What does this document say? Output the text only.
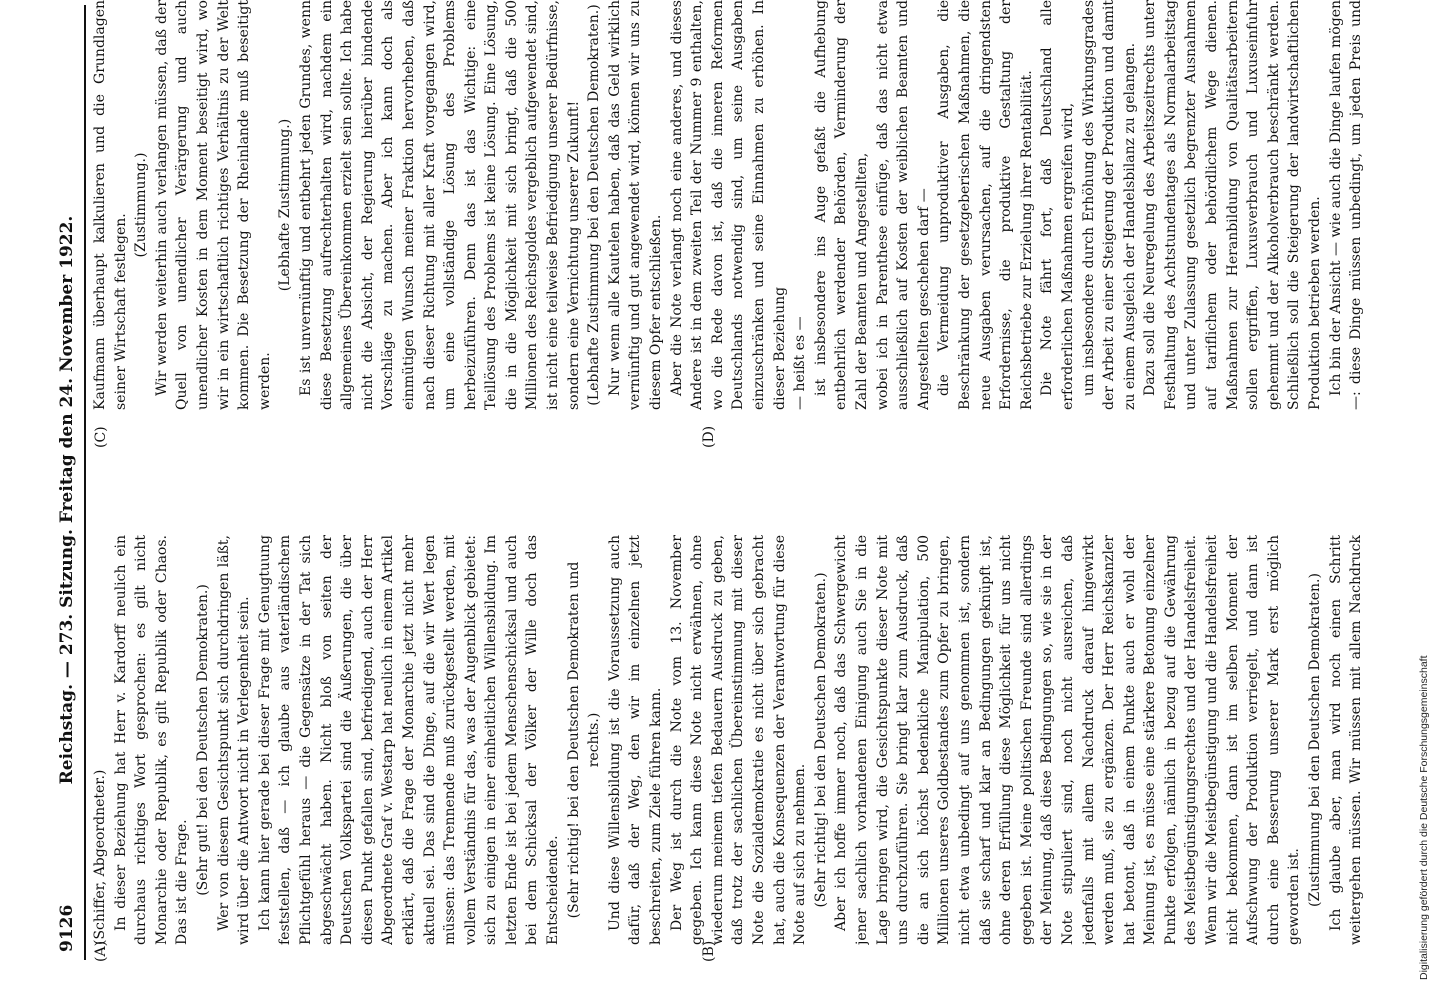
9126
Reichstag. — 273. Sitzung. Freitag den 24. November 1922.
(A)	(B)
(C)	(D)

(Schiffer, Abgeordneter.) In dieser Beziehung hat Herr v. Kardorff neulich ein durchaus richtiges Wort gesprochen: es gilt nicht Monarchie oder Republik, es gilt Republik oder Chaos. Das ist die Frage. (Sehr gut! bei den Deutschen Demokraten.) Wer von diesem Gesichtspunkt sich durchdringen läßt, wird über die Antwort nicht in Verlegenheit sein. Ich kann hier gerade bei dieser Frage mit Genugtuung feststellen, daß — ich glaube aus vaterländischem Pflichtgefühl heraus — die Gegensätze in der Tat sich abgeschwächt haben. Nicht bloß von seiten der Deutschen Volkspartei sind die Äußerungen, die über diesen Punkt gefallen sind, befriedigend, auch der Herr Abgeordnete Graf v. Westarp hat neulich in einem Artikel erklärt, daß die Frage der Monarchie jetzt nicht mehr aktuell sei. Das sind die Dinge, auf die wir Wert legen müssen: das Trennende muß zurückgestellt werden, mit vollem Verständnis für das, was der Augenblick gebietet: sich zu einigen in einer einheitlichen Willensbildung. Im letzten Ende ist bei jedem Menschenschicksal und auch bei dem Schicksal der Völker der Wille doch das Entscheidende. (Sehr richtig! bei den Deutschen Demokraten und rechts.) Und diese Willensbildung ist die Voraussetzung auch dafür, daß der Weg, den wir im einzelnen jetzt beschreiten, zum Ziele führen kann. Der Weg ist durch die Note vom 13. November gegeben. Ich kann diese Note nicht erwähnen, ohne wiederum meinem tiefen Bedauern Ausdruck zu geben, daß trotz der sachlichen Übereinstimmung mit dieser Note die Sozialdemokratie es nicht über sich gebracht hat, auch die Konsequenzen der Verantwortung für diese Note auf sich zu nehmen. (Sehr richtig! bei den Deutschen Demokraten.) Aber ich hoffe immer noch, daß das Schwergewicht jener sachlich vorhandenen Einigung auch Sie in die Lage bringen wird, die Gesichtspunkte dieser Note mit uns durchzuführen. Sie bringt klar zum Ausdruck, daß die an sich höchst bedenkliche Manipulation, 500 Millionen unseres Goldbestandes zum Opfer zu bringen, nicht etwa unbedingt auf uns genommen ist, sondern daß sie scharf und klar an Bedingungen geknüpft ist, ohne deren Erfüllung diese Möglichkeit für uns nicht gegeben ist. Meine politischen Freunde sind allerdings der Meinung, daß diese Bedingungen so, wie sie in der Note stipuliert sind, noch nicht ausreichen, daß jedenfalls mit allem Nachdruck darauf hingewirkt werden muß, sie zu ergänzen. Der Herr Reichskanzler hat betont, daß in einem Punkte auch er wohl der Meinung ist, es müsse eine stärkere Betonung einzelner Punkte erfolgen, nämlich in bezug auf die Gewährung des Meistbegünstigungsrechtes und der Handelsfreiheit. Wenn wir die Meistbegünstigung und die Handelsfreiheit nicht bekommen, dann ist im selben Moment der Aufschwung der Produktion verriegelt, und dann ist durch eine Besserung unserer Mark erst möglich geworden ist. (Zustimmung bei den Deutschen Demokraten.)

Ich glaube aber, man wird noch einen Schritt weitergehen müssen. Wir müssen mit allem Nachdruck

Kaufmann überhaupt kalkulieren und die Grundlagen seiner Wirtschaft festlegen.

(Zustimmung.) Wir werden weiterhin auch verlangen müssen, daß der Quell von unendlicher Verärgerung und auch unendlicher Kosten in dem Moment beseitigt wird, wo wir in ein wirtschaftlich richtiges Verhältnis zu der Welt kommen. Die Besetzung der Rheinlande muß beseitigt werden.

(Lebhafte Zustimmung.) Es ist unvernünftig und entbehrt jeden Grundes, wenn diese Besetzung aufrechterhalten wird, nachdem ein allgemeines Übereinkommen erzielt sein sollte. Ich habe nicht die Absicht, der Regierung hierüber bindende Vorschläge zu machen. Aber ich kann doch als einmütigen Wunsch meiner Fraktion hervorheben, daß nach dieser Richtung mit aller Kraft vorgegangen wird, um eine vollständige Lösung des Problems herbeizuführen. Denn das ist das Wichtige: eine Teillösung des Problems ist keine Lösung. Eine Lösung, die in die Möglichkeit mit sich bringt, daß die 500 Millionen des Reichsgoldes vergeblich aufgewendet sind, ist nicht eine teilweise Befriedigung unserer Bedürfnisse, sondern eine Vernichtung unserer Zukunft! (Lebhafte Zustimmung bei den Deutschen Demokraten.) Nur wenn alle Kautelen haben, daß das Geld wirklich vernünftig und gut angewendet wird, können wir uns zu diesem Opfer entschließen. Aber die Note verlangt noch eine anderes, und dieses Andere ist in dem zweiten Teil der Nummer 9 enthalten, wo die Rede davon ist, daß die inneren Reformen Deutschlands notwendig sind, um seine Ausgaben einzuschränken und seine Einnahmen zu erhöhen. In dieser Beziehung — heißt es — ist insbesondere ins Auge gefaßt die Aufhebung entbehrlich werdender Behörden, Verminderung der Zahl der Beamten und Angestellten, wobei ich in Parenthese einfüge, daß das nicht etwa ausschließlich auf Kosten der weiblichen Beamten und Angestellten geschehen darf — die Vermeidung unproduktiver Ausgaben, die Beschränkung der gesetzgeberischen Maßnahmen, die neue Ausgaben verursachen, auf die dringendsten Erfordernisse, die produktive Gestaltung der Reichsbetriebe zur Erzielung ihrer Rentabilität. Die Note fährt fort, daß Deutschland alle erforderlichen Maßnahmen ergreifen wird, um insbesondere durch Erhöhung des Wirkungsgrades der Arbeit zu einer Steigerung der Produktion und damit zu einem Ausgleich der Handelsbilanz zu gelangen. Dazu soll die Neuregelung des Arbeitszeitrechts unter Festhaltung des Achtstundentages als Normalarbeitstag und unter Zulassung gesetzlich begrenzter Ausnahmen auf tariflichem oder behördlichem Wege dienen. Maßnahmen zur Heranbildung von Qualitätsarbeitern sollen ergriffen, Luxusverbrauch und Luxuseinfuhr gehemmt und der Alkoholverbrauch beschränkt werden. Schließlich soll die Steigerung der landwirtschaftlichen Produktion betrieben werden. Ich bin der Ansicht — wie auch die Dinge laufen mögen —: diese Dinge müssen unbedingt, um jeden Preis und

Digitalisierung gefördert durch die Deutsche Forschungsgemeinschaft
